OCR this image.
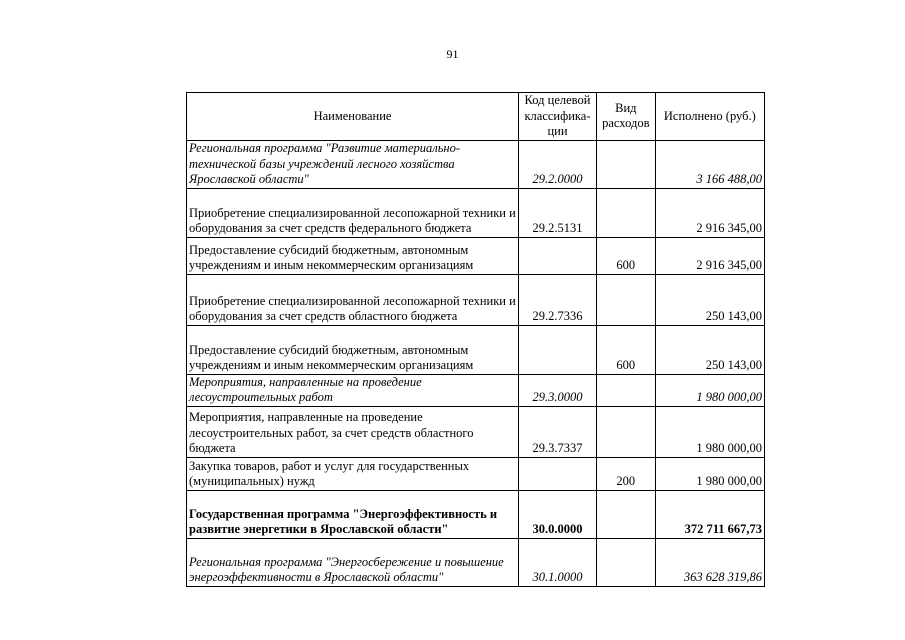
91
Наименование	Код целевой классифика-ции	Вид расходов	Исполнено (руб.)
Региональная программа "Развитие материально-технической базы учреждений лесного хозяйства Ярославской области"	29.2.0000		3 166 488,00
Приобретение специализированной лесопожарной техники и оборудования за счет средств федерального бюджета	29.2.5131		2 916 345,00
Предоставление субсидий бюджетным, автономным учреждениям и иным некоммерческим организациям		600	2 916 345,00
Приобретение специализированной лесопожарной техники и оборудования за счет средств областного бюджета	29.2.7336		250 143,00
Предоставление субсидий бюджетным, автономным учреждениям и иным некоммерческим организациям		600	250 143,00
Мероприятия, направленные на проведение лесоустроительных работ	29.3.0000		1 980 000,00
Мероприятия, направленные на проведение лесоустроительных работ, за счет средств областного бюджета	29.3.7337		1 980 000,00
Закупка товаров, работ и услуг для государственных (муниципальных) нужд		200	1 980 000,00
Государственная программа "Энергоэффективность и развитие энергетики в Ярославской области"	30.0.0000		372 711 667,73
Региональная программа "Энергосбережение и повышение энергоэффективности в Ярославской области"	30.1.0000		363 628 319,86
